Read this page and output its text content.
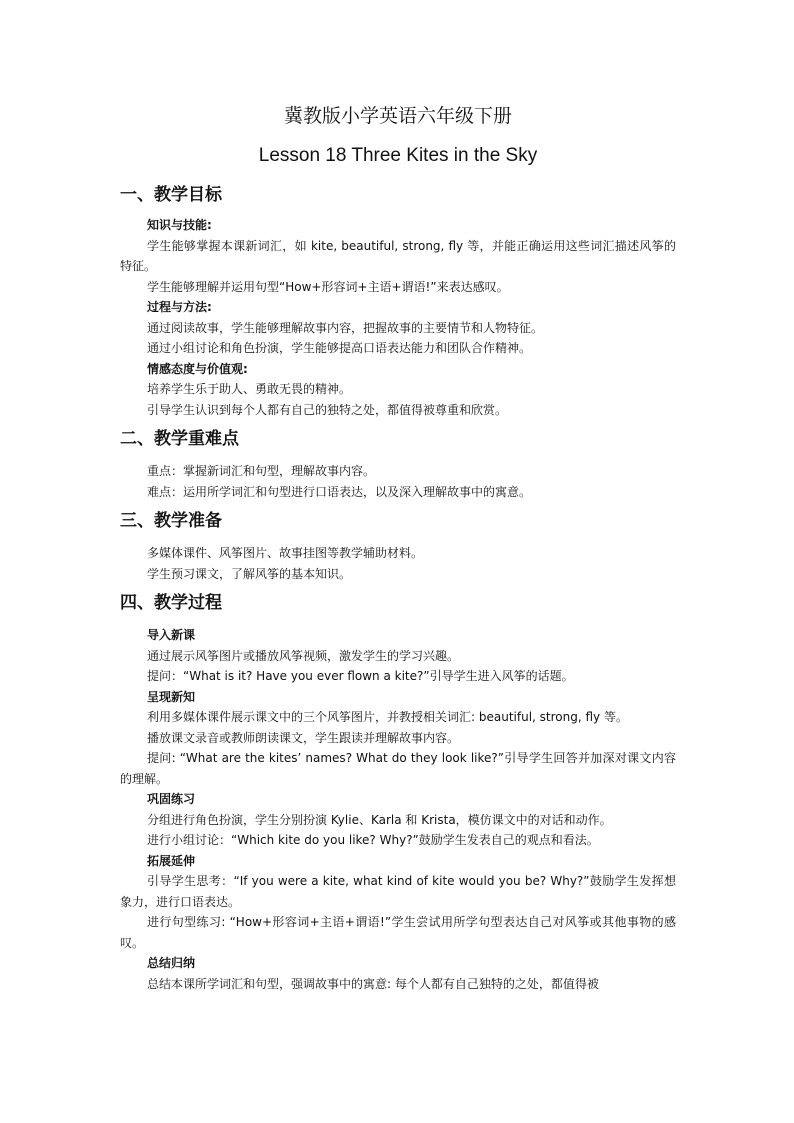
冀教版小学英语六年级下册
Lesson 18 Three Kites in the Sky
一、教学目标
知识与技能:
学生能够掌握本课新词汇，如 kite, beautiful, strong, fly 等，并能正确运用这些词汇描述风筝的特征。
学生能够理解并运用句型“How+形容词+主语+谓语!”来表达感叹。
过程与方法:
通过阅读故事，学生能够理解故事内容，把握故事的主要情节和人物特征。
通过小组讨论和角色扮演，学生能够提高口语表达能力和团队合作精神。
情感态度与价值观:
培养学生乐于助人、勇敢无畏的精神。
引导学生认识到每个人都有自己的独特之处，都值得被尊重和欣赏。
二、教学重难点
重点：掌握新词汇和句型，理解故事内容。
难点：运用所学词汇和句型进行口语表达，以及深入理解故事中的寓意。
三、教学准备
多媒体课件、风筝图片、故事挂图等教学辅助材料。
学生预习课文，了解风筝的基本知识。
四、教学过程
导入新课
通过展示风筝图片或播放风筝视频，激发学生的学习兴趣。
提问：“What is it? Have you ever flown a kite?”引导学生进入风筝的话题。
呈现新知
利用多媒体课件展示课文中的三个风筝图片，并教授相关词汇: beautiful, strong, fly 等。
播放课文录音或教师朗读课文，学生跟读并理解故事内容。
提问: “What are the kites’ names? What do they look like?”引导学生回答并加深对课文内容的理解。
巩固练习
分组进行角色扮演，学生分别扮演 Kylie、Karla 和 Krista，模仿课文中的对话和动作。
进行小组讨论：“Which kite do you like? Why?”鼓励学生发表自己的观点和看法。
拓展延伸
引导学生思考：“If you were a kite, what kind of kite would you be? Why?”鼓励学生发挥想象力，进行口语表达。
进行句型练习: “How+形容词+主语+谓语!”学生尝试用所学句型表达自己对风筝或其他事物的感叹。
总结归纳
总结本课所学词汇和句型，强调故事中的寓意: 每个人都有自己独特的之处，都值得被
